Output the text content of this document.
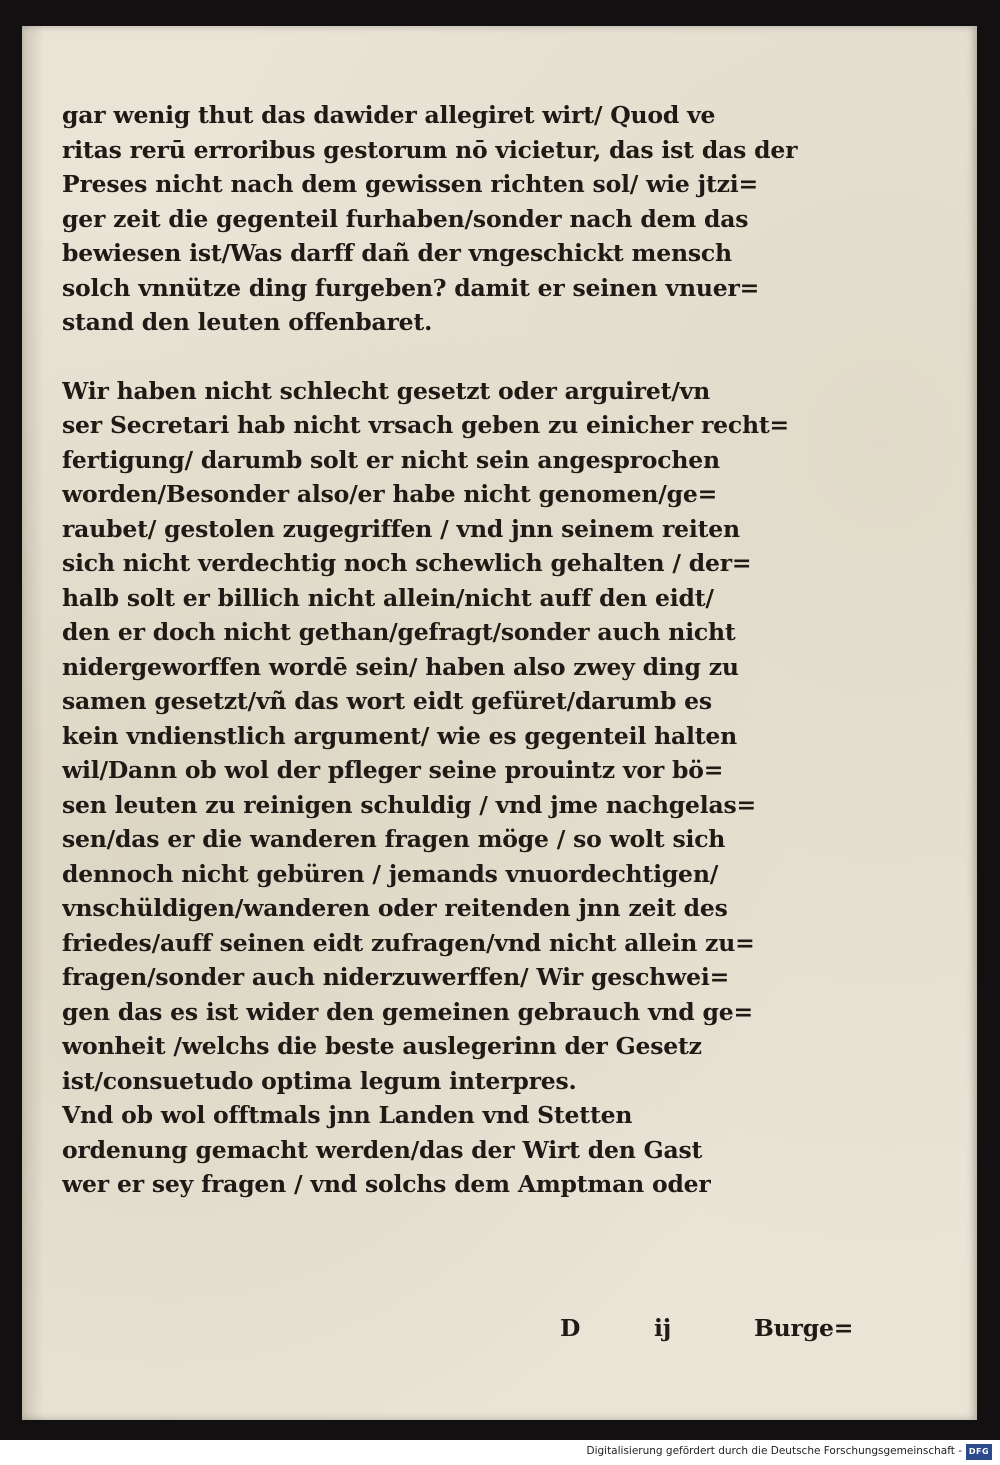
gar wenig thut das dawider allegiret wirt/ Quod ve
ritas rerū erroribus gestorum nō vicietur, das ist das der
Preses nicht nach dem gewissen richten sol/ wie jtzi=
ger zeit die gegenteil furhaben/sonder nach dem das
bewiesen ist/Was darff dañ der vngeschickt mensch
solch vnnütze ding furgeben? damit er seinen vnuer=
stand den leuten offenbaret.
Wir haben nicht schlecht gesetzt oder arguiret/vn
ser Secretari hab nicht vrsach geben zu einicher recht=
fertigung/ darumb solt er nicht sein angesprochen
worden/Besonder also/er habe nicht genomen/ge=
raubet/ gestolen zugegriffen / vnd jnn seinem reiten
sich nicht verdechtig noch schewlich gehalten / der=
halb solt er billich nicht allein/nicht auff den eidt/
den er doch nicht gethan/gefragt/sonder auch nicht
nidergeworffen wordē sein/ haben also zwey ding zu
samen gesetzt/vñ das wort eidt gefüret/darumb es
kein vndienstlich argument/ wie es gegenteil halten
wil/Dann ob wol der pfleger seine prouintz vor bö=
sen leuten zu reinigen schuldig / vnd jme nachgelas=
sen/das er die wanderen fragen möge / so wolt sich
dennoch nicht gebüren / jemands vnuordechtigen/
vnschüldigen/wanderen oder reitenden jnn zeit des
friedes/auff seinen eidt zufragen/vnd nicht allein zu=
fragen/sonder auch niderzuwerffen/ Wir geschwei=
gen das es ist wider den gemeinen gebrauch vnd ge=
wonheit /welchs die beste auslegerinn der Gesetz
ist/consuetudo optima legum interpres.
Vnd ob wol offtmals jnn Landen vnd Stetten
ordenung gemacht werden/das der Wirt den Gast
wer er sey fragen / vnd solchs dem Amptman oder
D	ij	Burge=
Digitalisierung gefördert durch die Deutsche Forschungsgemeinschaft - DFG
